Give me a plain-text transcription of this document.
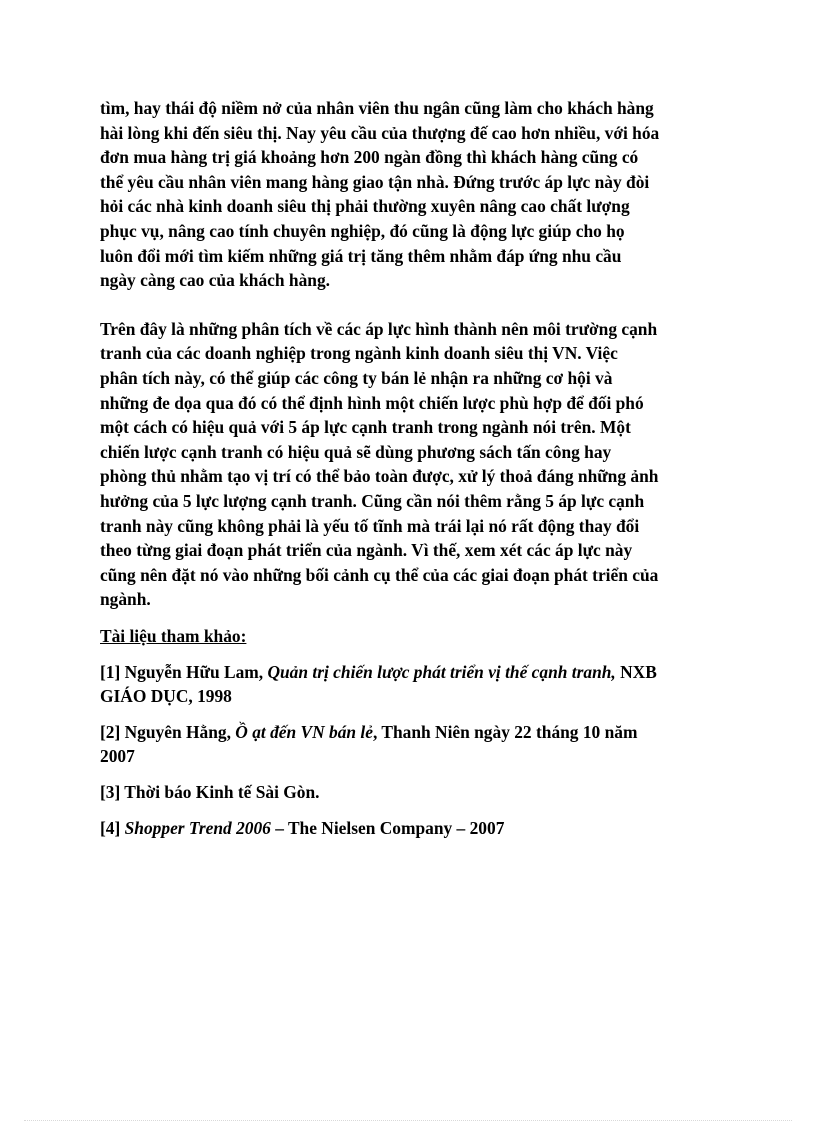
tìm, hay thái độ niềm nở của nhân viên thu ngân cũng làm cho khách hàng
hài lòng khi đến siêu thị. Nay yêu cầu của thượng đế cao hơn nhiều, với hóa
đơn mua hàng trị giá khoảng hơn 200 ngàn đồng thì khách hàng cũng có
thể yêu cầu nhân viên mang hàng giao tận nhà. Đứng trước áp lực này đòi
hỏi các nhà kinh doanh siêu thị phải thường xuyên nâng cao chất lượng
phục vụ, nâng cao tính chuyên nghiệp, đó cũng là động lực giúp cho họ
luôn đổi mới tìm kiếm những giá trị tăng thêm nhằm đáp ứng nhu cầu
ngày càng cao của khách hàng.
Trên đây là những phân tích về các áp lực hình thành nên môi trường cạnh
tranh của các doanh nghiệp trong ngành kinh doanh siêu thị VN. Việc
phân tích này, có thể giúp các công ty bán lẻ nhận ra những cơ hội và
những đe dọa qua đó có thể định hình một chiến lược phù hợp để đối phó
một cách có hiệu quả với 5 áp lực cạnh tranh trong ngành nói trên. Một
chiến lược cạnh tranh có hiệu quả sẽ dùng phương sách tấn công hay
phòng thủ nhằm tạo vị trí có thể bảo toàn được, xử lý thoả đáng những ảnh
hưởng của 5 lực lượng cạnh tranh. Cũng cần nói thêm rằng 5 áp lực cạnh
tranh này cũng không phải là yếu tố tĩnh mà trái lại nó rất động thay đổi
theo từng giai đoạn phát triển của ngành. Vì thế, xem xét các áp lực này
cũng nên đặt nó vào những bối cảnh cụ thể của các giai đoạn phát triển của
ngành.
Tài liệu tham khảo:
[1] Nguyễn Hữu Lam, Quản trị chiến lược phát triển vị thế cạnh tranh, NXB
GIÁO DỤC, 1998
[2] Nguyên Hằng, Ồ ạt đến VN bán lẻ, Thanh Niên ngày 22 tháng 10 năm
2007
[3] Thời báo Kinh tế Sài Gòn.
[4] Shopper Trend 2006 – The Nielsen Company – 2007
